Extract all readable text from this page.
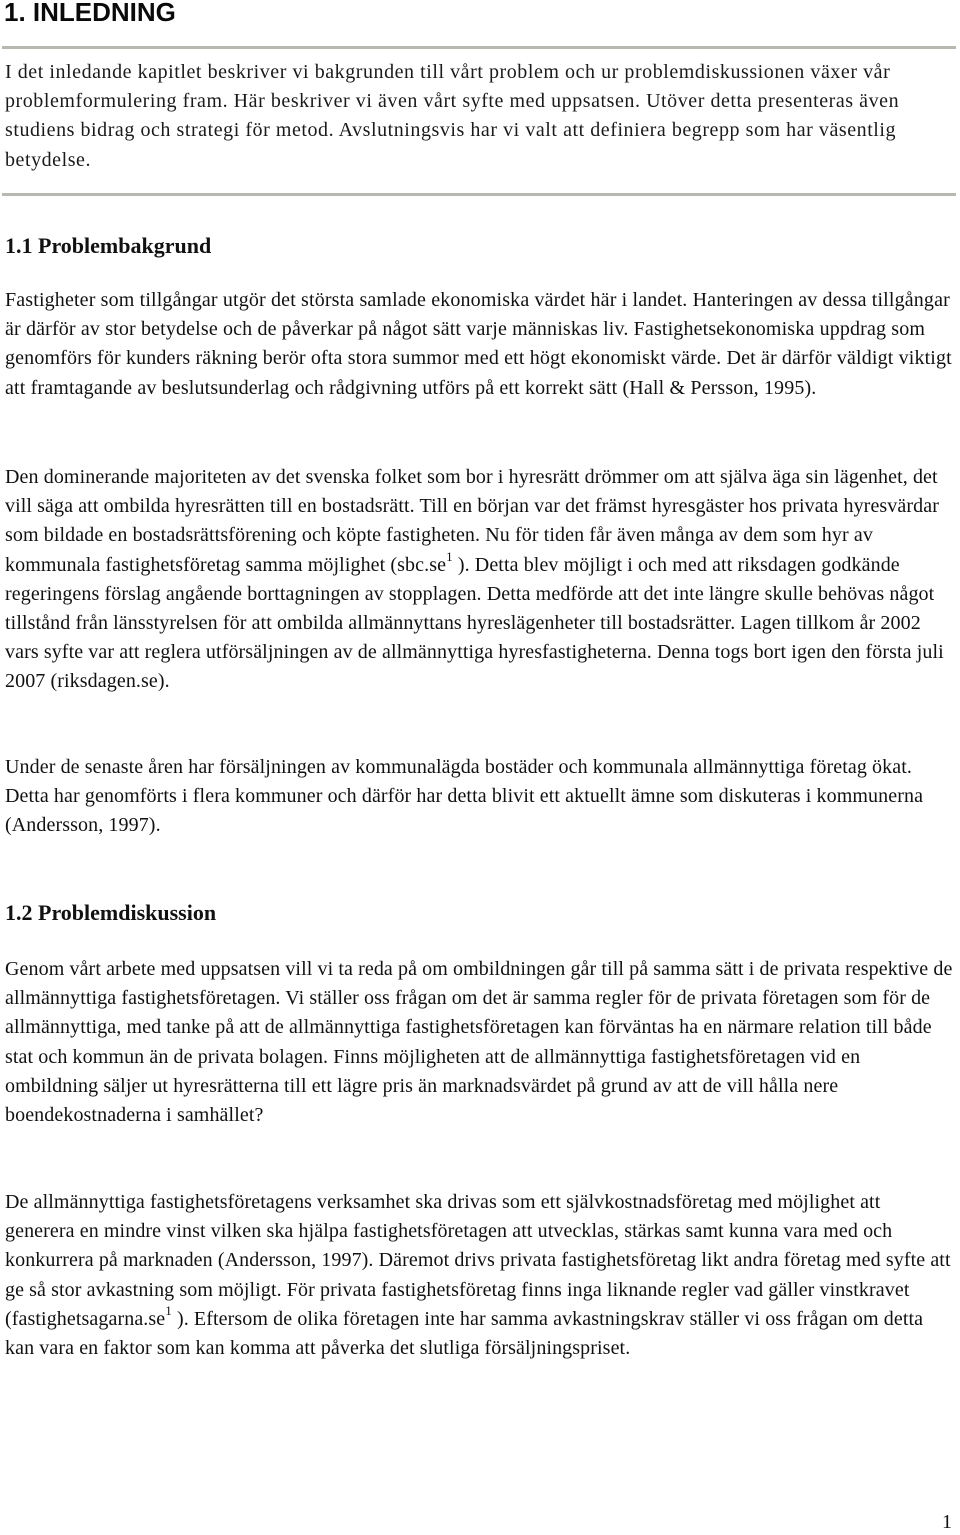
1. INLEDNING

I det inledande kapitlet beskriver vi bakgrunden till vårt problem och ur problemdiskussionen växer vår problemformulering fram. Här beskriver vi även vårt syfte med uppsatsen. Utöver detta presenteras även studiens bidrag och strategi för metod. Avslutningsvis har vi valt att definiera begrepp som har väsentlig betydelse.

1.1 Problembakgrund

Fastigheter som tillgångar utgör det största samlade ekonomiska värdet här i landet. Hanteringen av dessa tillgångar är därför av stor betydelse och de påverkar på något sätt varje människas liv. Fastighetsekonomiska uppdrag som genomförs för kunders räkning berör ofta stora summor med ett högt ekonomiskt värde. Det är därför väldigt viktigt att framtagande av beslutsunderlag och rådgivning utförs på ett korrekt sätt (Hall & Persson, 1995).

Den dominerande majoriteten av det svenska folket som bor i hyresrätt drömmer om att själva äga sin lägenhet, det vill säga att ombilda hyresrätten till en bostadsrätt. Till en början var det främst hyresgäster hos privata hyresvärdar som bildade en bostadsrättsförening och köpte fastigheten. Nu för tiden får även många av dem som hyr av kommunala fastighetsföretag samma möjlighet ($sbc.se^1$ ). Detta blev möjligt i och med att riksdagen godkände regeringens förslag angående borttagningen av stopplagen. Detta medförde att det inte längre skulle behövas något tillstånd från länsstyrelsen för att ombilda allmännyttans hyreslägenheter till bostadsrätter. Lagen tillkom år 2002 vars syfte var att reglera utförsäljningen av de allmännyttiga hyresfastigheterna. Denna togs bort igen den första juli 2007 (riksdagen.se).

Under de senaste åren har försäljningen av kommunalägda bostäder och kommunala allmännyttiga företag ökat. Detta har genomförts i flera kommuner och därför har detta blivit ett aktuellt ämne som diskuteras i kommunerna (Andersson, 1997).

1.2 Problemdiskussion

Genom vårt arbete med uppsatsen vill vi ta reda på om ombildningen går till på samma sätt i de privata respektive de allmännyttiga fastighetsföretagen. Vi ställer oss frågan om det är samma regler för de privata företagen som för de allmännyttiga, med tanke på att de allmännyttiga fastighetsföretagen kan förväntas ha en närmare relation till både stat och kommun än de privata bolagen. Finns möjligheten att de allmännyttiga fastighetsföretagen vid en ombildning säljer ut hyresrätterna till ett lägre pris än marknadsvärdet på grund av att de vill hålla nere boendekostnaderna i samhället?

De allmännyttiga fastighetsföretagens verksamhet ska drivas som ett självkostnadsföretag med möjlighet att generera en mindre vinst vilken ska hjälpa fastighetsföretagen att utvecklas, stärkas samt kunna vara med och konkurrera på marknaden (Andersson, 1997). Däremot drivs privata fastighetsföretag likt andra företag med syfte att ge så stor avkastning som möjligt. För privata fastighetsföretag finns inga liknande regler vad gäller vinstkravet ($fastighetsagarna.se^1$ ). Eftersom de olika företagen inte har samma avkastningskrav ställer vi oss frågan om detta kan vara en faktor som kan komma att påverka det slutliga försäljningspriset.

1
